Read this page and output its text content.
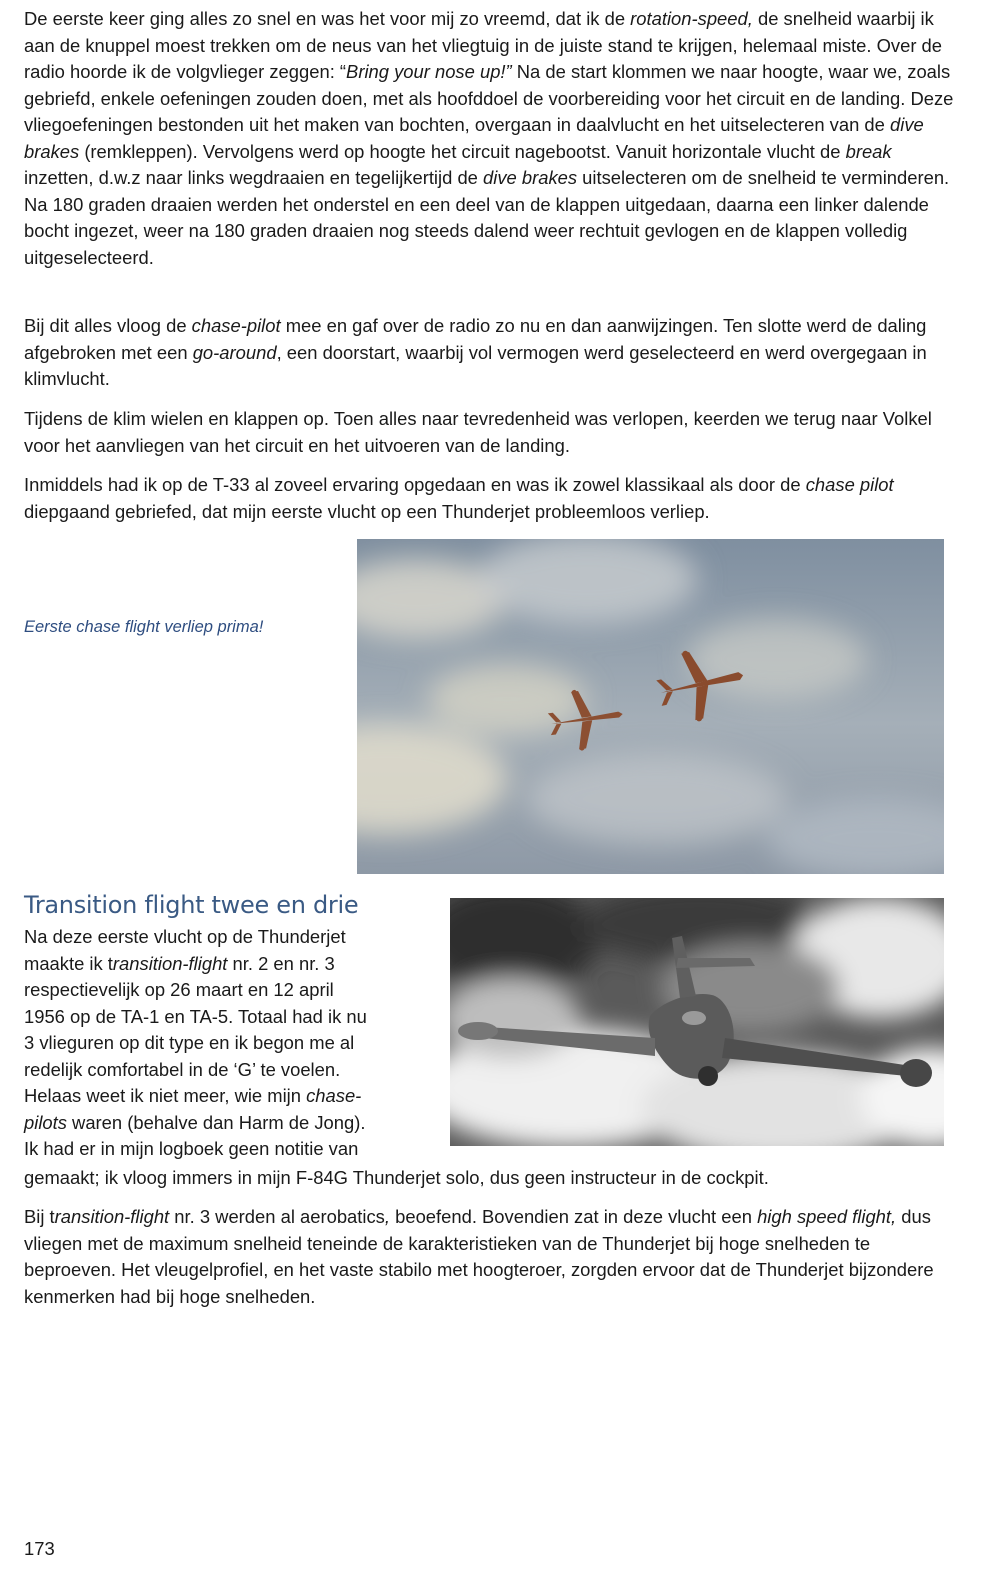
De eerste keer ging alles zo snel en was het voor mij zo vreemd, dat ik de rotation-speed, de snelheid waarbij ik aan de knuppel moest trekken om de neus van het vliegtuig in de juiste stand te krijgen, helemaal miste. Over de radio hoorde ik de volgvlieger zeggen: “Bring your nose up!” Na de start klommen we naar hoogte, waar we, zoals gebriefd, enkele oefeningen zouden doen, met als hoofddoel de voorbereiding voor het circuit en de landing. Deze vliegoefeningen bestonden uit het maken van bochten, overgaan in daalvlucht en het uitselecteren van de dive brakes (remkleppen). Vervolgens werd op hoogte het circuit nagebootst. Vanuit horizontale vlucht de break inzetten, d.w.z naar links wegdraaien en tegelijkertijd de dive brakes uitselecteren om de snelheid te verminderen. Na 180 graden draaien werden het onderstel en een deel van de klappen uitgedaan, daarna een linker dalende bocht ingezet, weer na 180 graden draaien nog steeds dalend weer rechtuit gevlogen en de klappen volledig uitgeselecteerd.

Bij dit alles vloog de chase-pilot mee en gaf over de radio zo nu en dan aanwijzingen. Ten slotte werd de daling afgebroken met een go-around, een doorstart, waarbij vol vermogen werd geselecteerd en werd overgegaan in klimvlucht.

Tijdens de klim wielen en klappen op. Toen alles naar tevredenheid was verlopen, keerden we terug naar Volkel voor het aanvliegen van het circuit en het uitvoeren van de landing.

Inmiddels had ik op de T-33 al zoveel ervaring opgedaan en was ik zowel klassikaal als door de chase pilot diepgaand gebriefed, dat mijn eerste vlucht op een Thunderjet probleemloos verliep.

Eerste chase flight verliep prima!

Transition flight twee en drie
Na deze eerste vlucht op de Thunderjet
maakte ik transition-flight nr. 2 en nr. 3
respectievelijk op 26 maart en 12 april
1956 op de TA-1 en TA-5. Totaal had ik nu
3 vlieguren op dit type en ik begon me al
redelijk comfortabel in de ‘G’ te voelen.
Helaas weet ik niet meer, wie mijn chase-
pilots waren (behalve dan Harm de Jong).
Ik had er in mijn logboek geen notitie van

gemaakt; ik vloog immers in mijn F-84G Thunderjet solo, dus geen instructeur in de cockpit.

Bij transition-flight nr. 3 werden al aerobatics, beoefend. Bovendien zat in deze vlucht een high speed flight, dus vliegen met de maximum snelheid teneinde de karakteristieken van de Thunderjet bij hoge snelheden te beproeven. Het vleugelprofiel, en het vaste stabilo met hoogteroer, zorgden ervoor dat de Thunderjet bijzondere kenmerken had bij hoge snelheden.

173
